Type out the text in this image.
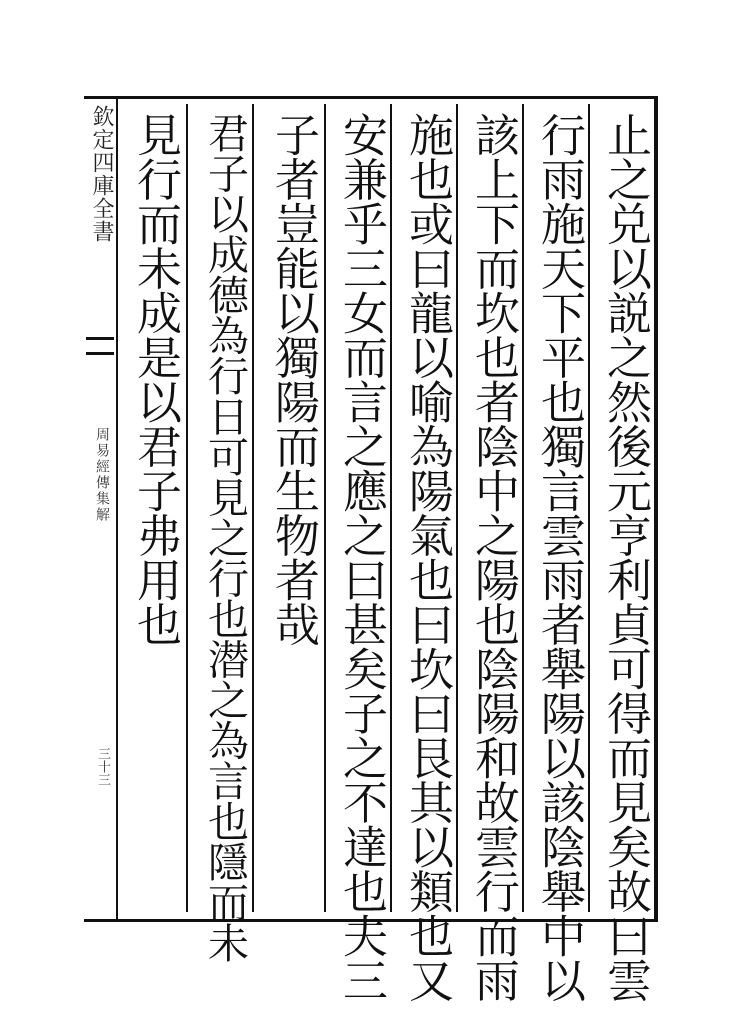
欽定四庫全書
周易經傳集解
三十三	止之兑以説之然後元亨利貞可得而見矣故曰雲
行雨施天下平也獨言雲雨者舉陽以該陰舉中以
該上下而坎也者陰中之陽也陰陽和故雲行而雨
施也或曰龍以喻為陽氣也曰坎曰艮其以類也又
安兼乎三女而言之應之曰甚矣子之不達也夫三
子者豈能以獨陽而生物者哉
君子以成德為行日可見之行也潜之為言也隱而未
見行而未成是以君子弗用也
